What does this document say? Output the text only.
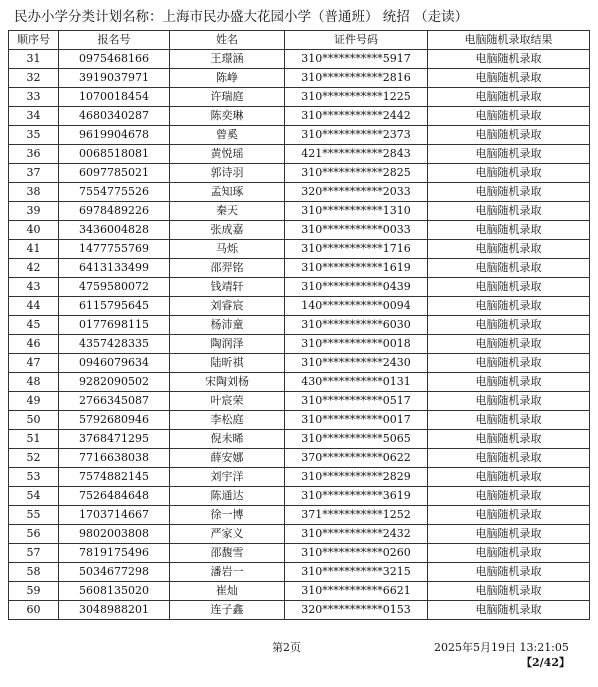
民办小学分类计划名称：上海市民办盛大花园小学（普通班） 统招 （走读）
顺序号	报名号	姓名	证件号码	电脑随机录取结果
31	0975468166	王璟涵	310***********5917	电脑随机录取
32	3919037971	陈峥	310***********2816	电脑随机录取
33	1070018454	许瑞庭	310***********1225	电脑随机录取
34	4680340287	陈奕琳	310***********2442	电脑随机录取
35	9619904678	曾奚	310***********2373	电脑随机录取
36	0068518081	黄悦瑶	421***********2843	电脑随机录取
37	6097785021	郭诗羽	310***********2825	电脑随机录取
38	7554775526	孟知琢	320***********2033	电脑随机录取
39	6978489226	秦天	310***********1310	电脑随机录取
40	3436004828	张成嘉	310***********0033	电脑随机录取
41	1477755769	马烁	310***********1716	电脑随机录取
42	6413133499	邵羿铭	310***********1619	电脑随机录取
43	4759580072	钱靖轩	310***********0439	电脑随机录取
44	6115795645	刘睿宸	140***********0094	电脑随机录取
45	0177698115	杨沛童	310***********6030	电脑随机录取
46	4357428335	陶润泽	310***********0018	电脑随机录取
47	0946079634	陆昕祺	310***********2430	电脑随机录取
48	9282090502	宋陶刘杨	430***********0131	电脑随机录取
49	2766345087	叶宸荣	310***********0517	电脑随机录取
50	5792680946	李松庭	310***********0017	电脑随机录取
51	3768471295	倪未晞	310***********5065	电脑随机录取
52	7716638038	薛安娜	370***********0622	电脑随机录取
53	7574882145	刘宇洋	310***********2829	电脑随机录取
54	7526484648	陈通达	310***********3619	电脑随机录取
55	1703714667	徐一博	371***********1252	电脑随机录取
56	9802003808	严家义	310***********2432	电脑随机录取
57	7819175496	邵馥雪	310***********0260	电脑随机录取
58	5034677298	潘岩一	310***********3215	电脑随机录取
59	5608135020	崔灿	310***********6621	电脑随机录取
60	3048988201	连子鑫	320***********0153	电脑随机录取
第2页	2025年5月19日 13:21:05
【2/42】
